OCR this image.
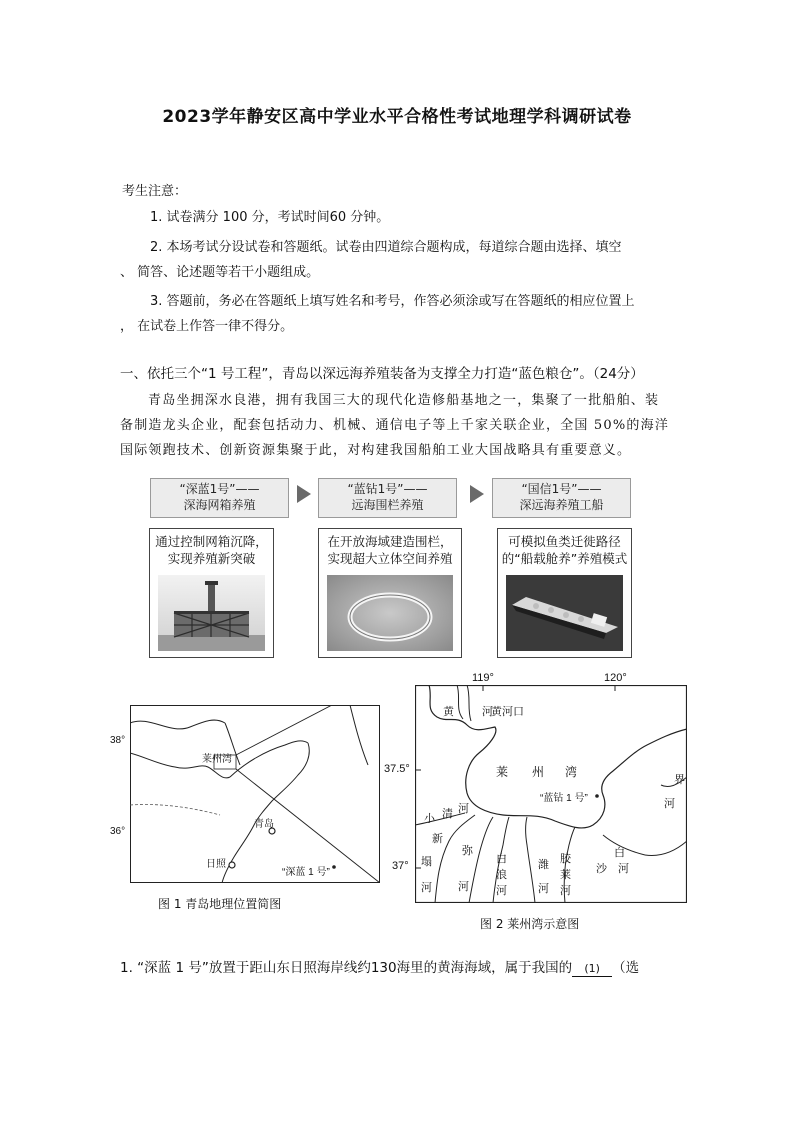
2023学年静安区高中学业水平合格性考试地理学科调研试卷
考生注意：
1. 试卷满分 100 分，考试时间60 分钟。
2. 本场考试分设试卷和答题纸。试卷由四道综合题构成，每道综合题由选择、填空
、 简答、论述题等若干小题组成。
3. 答题前，务必在答题纸上填写姓名和考号，作答必须涂或写在答题纸的相应位置上
， 在试卷上作答一律不得分。
一、依托三个“1 号工程”，青岛以深远海养殖装备为支撑全力打造“蓝色粮仓”。（24分）
青岛坐拥深水良港，拥有我国三大的现代化造修船基地之一，集聚了一批船舶、装
备制造龙头企业，配套包括动力、机械、通信电子等上千家关联企业，全国 50%的海洋
国际领跑技术、创新资源集聚于此，对构建我国船舶工业大国战略具有重要意义。
“深蓝1号”——
深海网箱养殖
“蓝钻1号”——
远海围栏养殖
“国信1号”——
深远海养殖工船
通过控制网箱沉降，
实现养殖新突破
在开放海域建造围栏，
实现超大立体空间养殖
可模拟鱼类迁徙路径
的“船载舱养”养殖模式
38°
36°
莱州湾
青岛
日照
“深蓝 1 号”
图 1 青岛地理位置简图
119°	120°
37.5°
37°
黄	河
黄河口
莱 州 湾
“蓝钻 1 号”
界
河
小 清 河
新
塌
河
弥
河
白
浪
河
潍
河
胶
莱
河
白
沙 河
图 2 莱州湾示意图
1. “深蓝 1 号”放置于距山东日照海岸线约130海里的黄海海域，属于我国的 (1) （选
